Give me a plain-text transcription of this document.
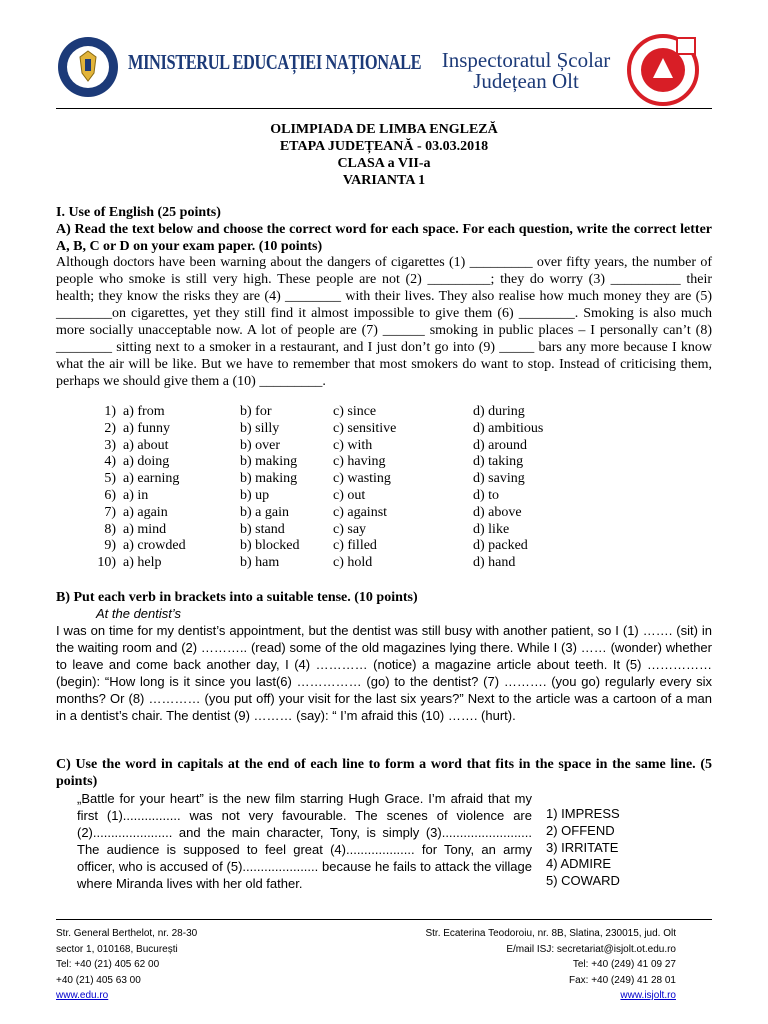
MINISTERUL EDUCAȚIEI NAȚIONALE Inspectoratul Școlar
Județean Olt
OLIMPIADA DE LIMBA ENGLEZĂ
ETAPA JUDEȚEANĂ - 03.03.2018
CLASA a VII-a
VARIANTA 1
I. Use of English (25 points)
A) Read the text below and choose the correct word for each space. For each question, write the correct letter A, B, C or D on your exam paper. (10 points)
Although doctors have been warning about the dangers of cigarettes (1) _________ over fifty years, the number of people who smoke is still very high. These people are not (2) _________; they do worry (3) __________ their health; they know the risks they are (4) ________ with their lives. They also realise how much money they are (5) ________on cigarettes, yet they still find it almost impossible to give them (6) ________. Smoking is also much more socially unacceptable now. A lot of people are (7) ______ smoking in public places – I personally can’t (8) ________ sitting next to a smoker in a restaurant, and I just don’t go into (9) _____ bars any more because I know what the air will be like. But we have to remember that most smokers do want to stop. Instead of criticising them, perhaps we should give them a (10) _________.
1) a) from	b) for	c) since	d) during
2) a) funny	b) silly	c) sensitive	d) ambitious
3) a) about	b) over	c) with	d) around
4) a) doing	b) making	c) having	d) taking
5) a) earning	b) making	c) wasting	d) saving
6) a) in	b) up	c) out	d) to
7) a) again	b) a gain	c) against	d) above
8) a) mind	b) stand	c) say	d) like
9) a) crowded	b) blocked c) filled	d) packed
10) a) help	b) ham	c) hold	d) hand
B) Put each verb in brackets into a suitable tense. (10 points)
At the dentist’s
I was on time for my dentist’s appointment, but the dentist was still busy with another patient, so I (1) ……. (sit) in the waiting room and (2) ……….. (read) some of the old magazines lying there. While I (3) …… (wonder) whether to leave and come back another day, I (4) ………… (notice) a magazine article about teeth. It (5) …………… (begin): “How long is it since you last(6) …………… (go) to the dentist? (7) ………. (you go) regularly every six months? Or (8) ………… (you put off) your visit for the last six years?” Next to the article was a cartoon of a man in a dentist’s chair. The dentist (9) ……… (say): “ I’m afraid this (10) ……. (hurt).
C) Use the word in capitals at the end of each line to form a word that fits in the space in the same line. (5 points)
„Battle for your heart” is the new film starring Hugh Grace. I’m afraid that my first (1)................ was not very favourable. The scenes of violence are (2)...................... and the main character, Tony, is simply (3)......................... The audience is supposed to feel great (4)................... for Tony, an army officer, who is accused of (5)..................... because he fails to attack the village where Miranda lives with her old father.
1) IMPRESS
2) OFFEND
3) IRRITATE
4) ADMIRE
5) COWARD
Str. General Berthelot, nr. 28-30
sector 1, 010168, București
Tel: +40 (21) 405 62 00
+40 (21) 405 63 00
www.edu.ro
Str. Ecaterina Teodoroiu, nr. 8B, Slatina, 230015, jud. Olt
E/mail ISJ: secretariat@isjolt.ot.edu.ro
Tel: +40 (249) 41 09 27
Fax: +40 (249) 41 28 01
www.isjolt.ro
